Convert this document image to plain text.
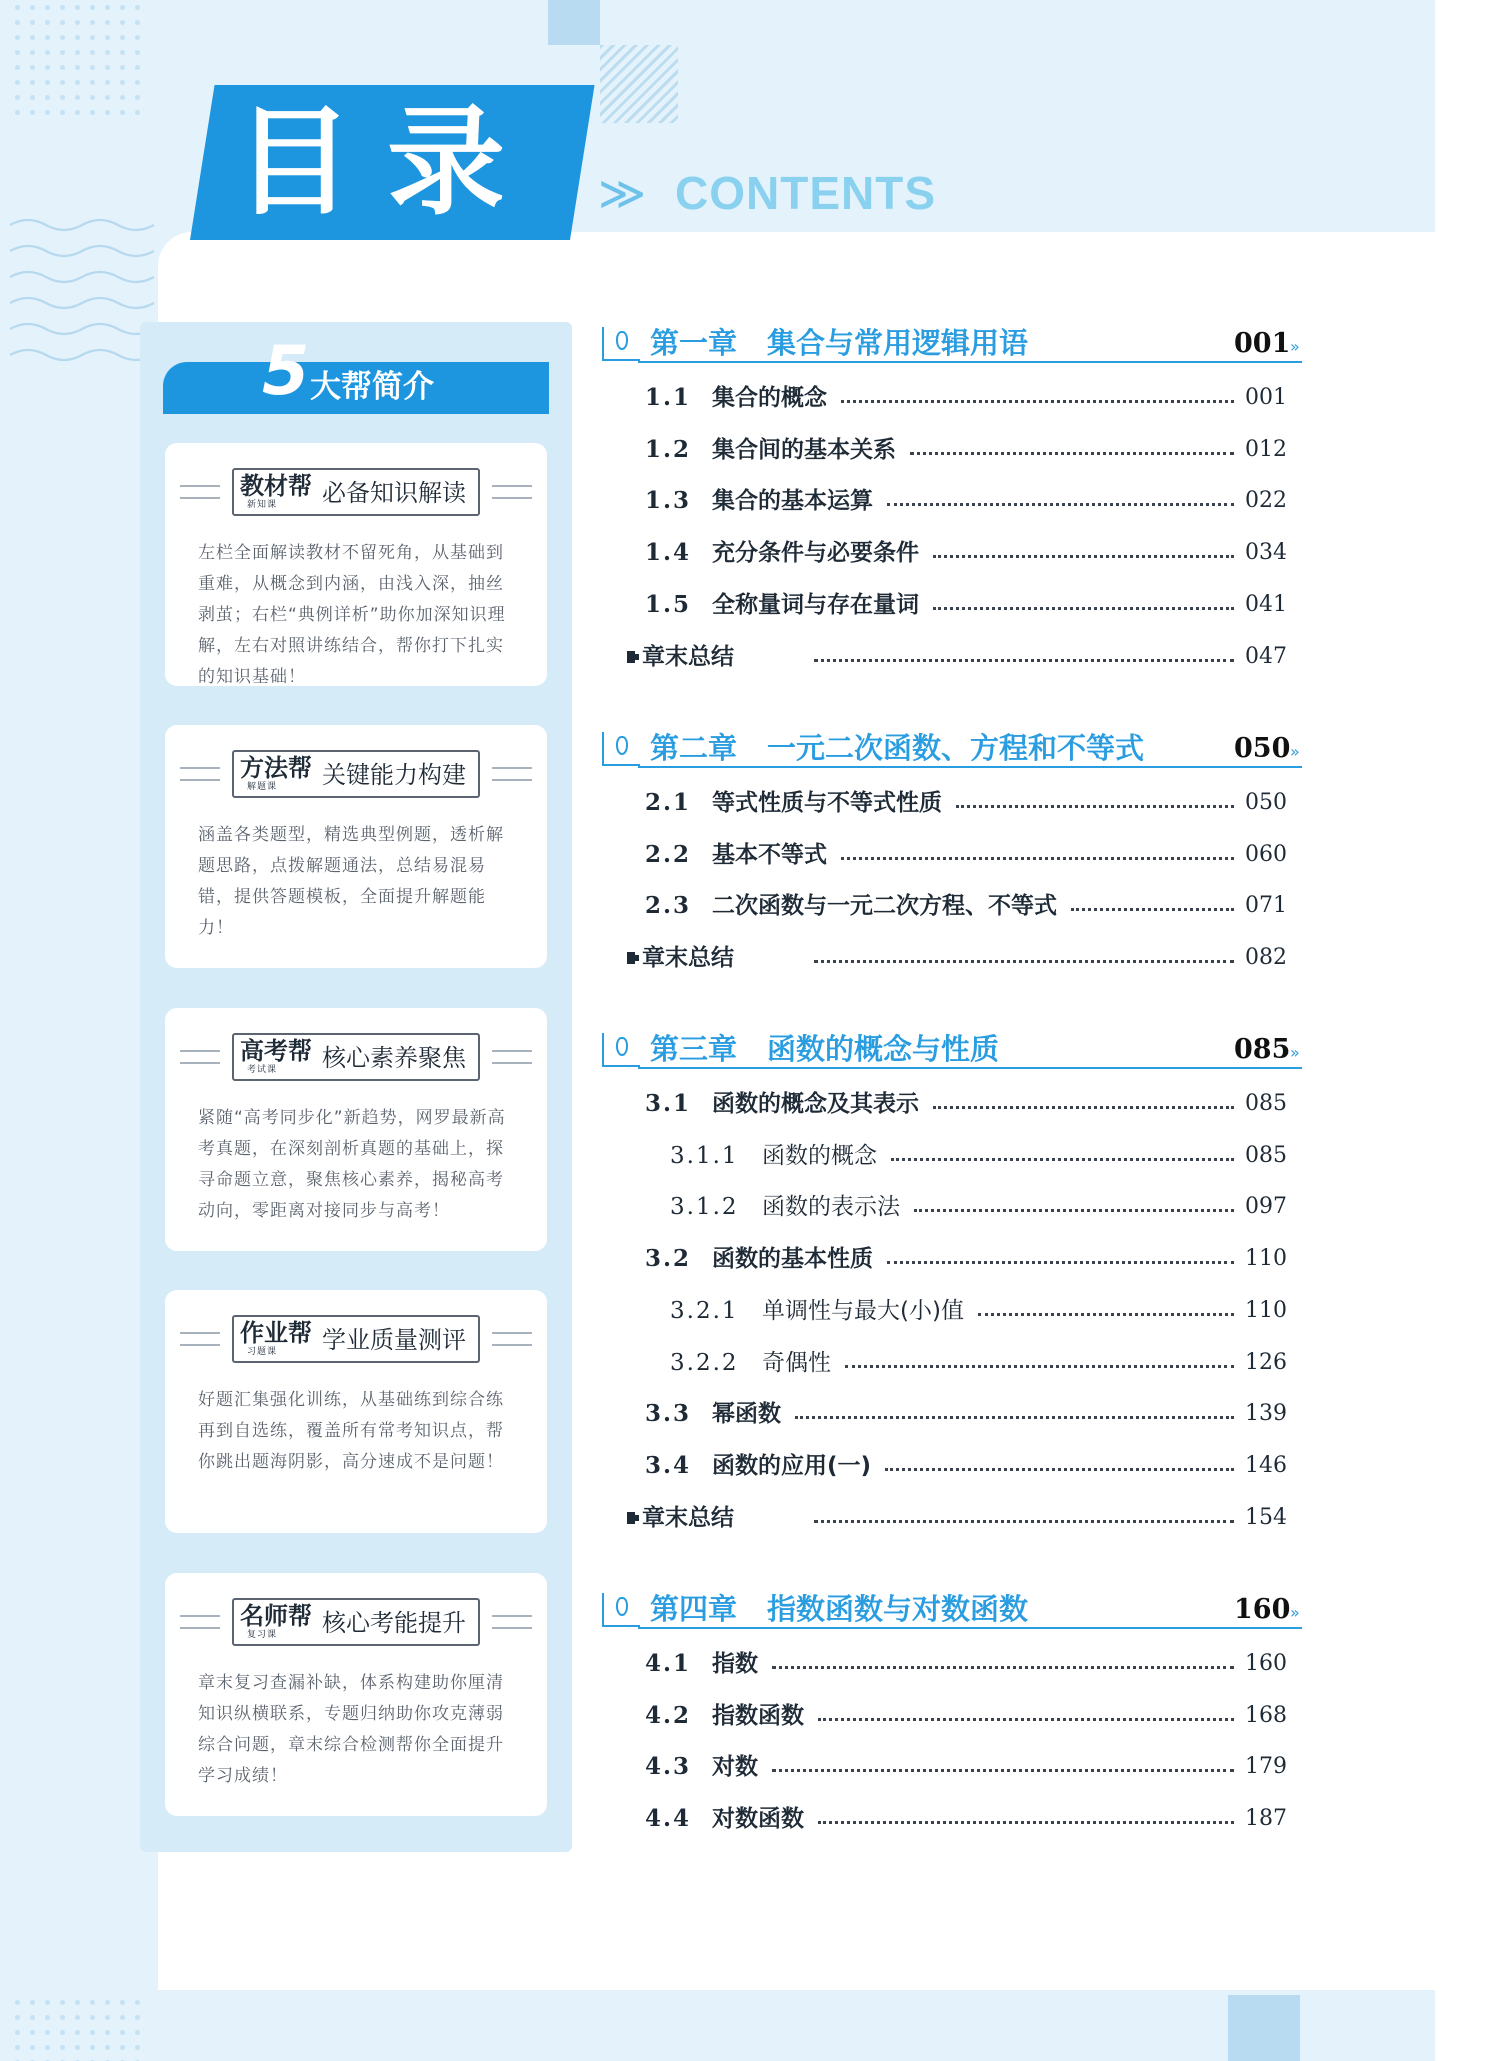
目录 ≫ CONTENTS
5 大帮简介
教材帮
新知课 必备知识解读
左栏全面解读教材不留死角，从基础到重难，从概念到内涵，由浅入深，抽丝剥茧；右栏“典例详析”助你加深知识理解，左右对照讲练结合，帮你打下扎实的知识基础！
方法帮
解题课 关键能力构建
涵盖各类题型，精选典型例题，透析解题思路，点拨解题通法，总结易混易错，提供答题模板，全面提升解题能力！
高考帮
考试课 核心素养聚焦
紧随“高考同步化”新趋势，网罗最新高考真题，在深刻剖析真题的基础上，探寻命题立意，聚焦核心素养，揭秘高考动向，零距离对接同步与高考！
作业帮
习题课 学业质量测评
好题汇集强化训练，从基础练到综合练再到自选练，覆盖所有常考知识点，帮你跳出题海阴影，高分速成不是问题！
名师帮
复习课 核心考能提升
章末复习查漏补缺，体系构建助你厘清知识纵横联系，专题归纳助你攻克薄弱综合问题，章末综合检测帮你全面提升学习成绩！
第一章 集合与常用逻辑用语	001 »
1.1 集合的概念	001
1.2 集合间的基本关系	012
1.3 集合的基本运算	022
1.4 充分条件与必要条件	034
1.5 全称量词与存在量词	041
章末总结	047
第二章 一元二次函数、方程和不等式	050 »
2.1 等式性质与不等式性质	050
2.2 基本不等式	060
2.3 二次函数与一元二次方程、不等式	071
章末总结	082
第三章 函数的概念与性质	085 »
3.1 函数的概念及其表示	085
3.1.1 函数的概念	085
3.1.2 函数的表示法	097
3.2 函数的基本性质	110
3.2.1 单调性与最大(小)值	110
3.2.2 奇偶性	126
3.3 幂函数	139
3.4 函数的应用(一)	146
章末总结	154
第四章 指数函数与对数函数	160 »
4.1 指数	160
4.2 指数函数	168
4.3 对数	179
4.4 对数函数	187
